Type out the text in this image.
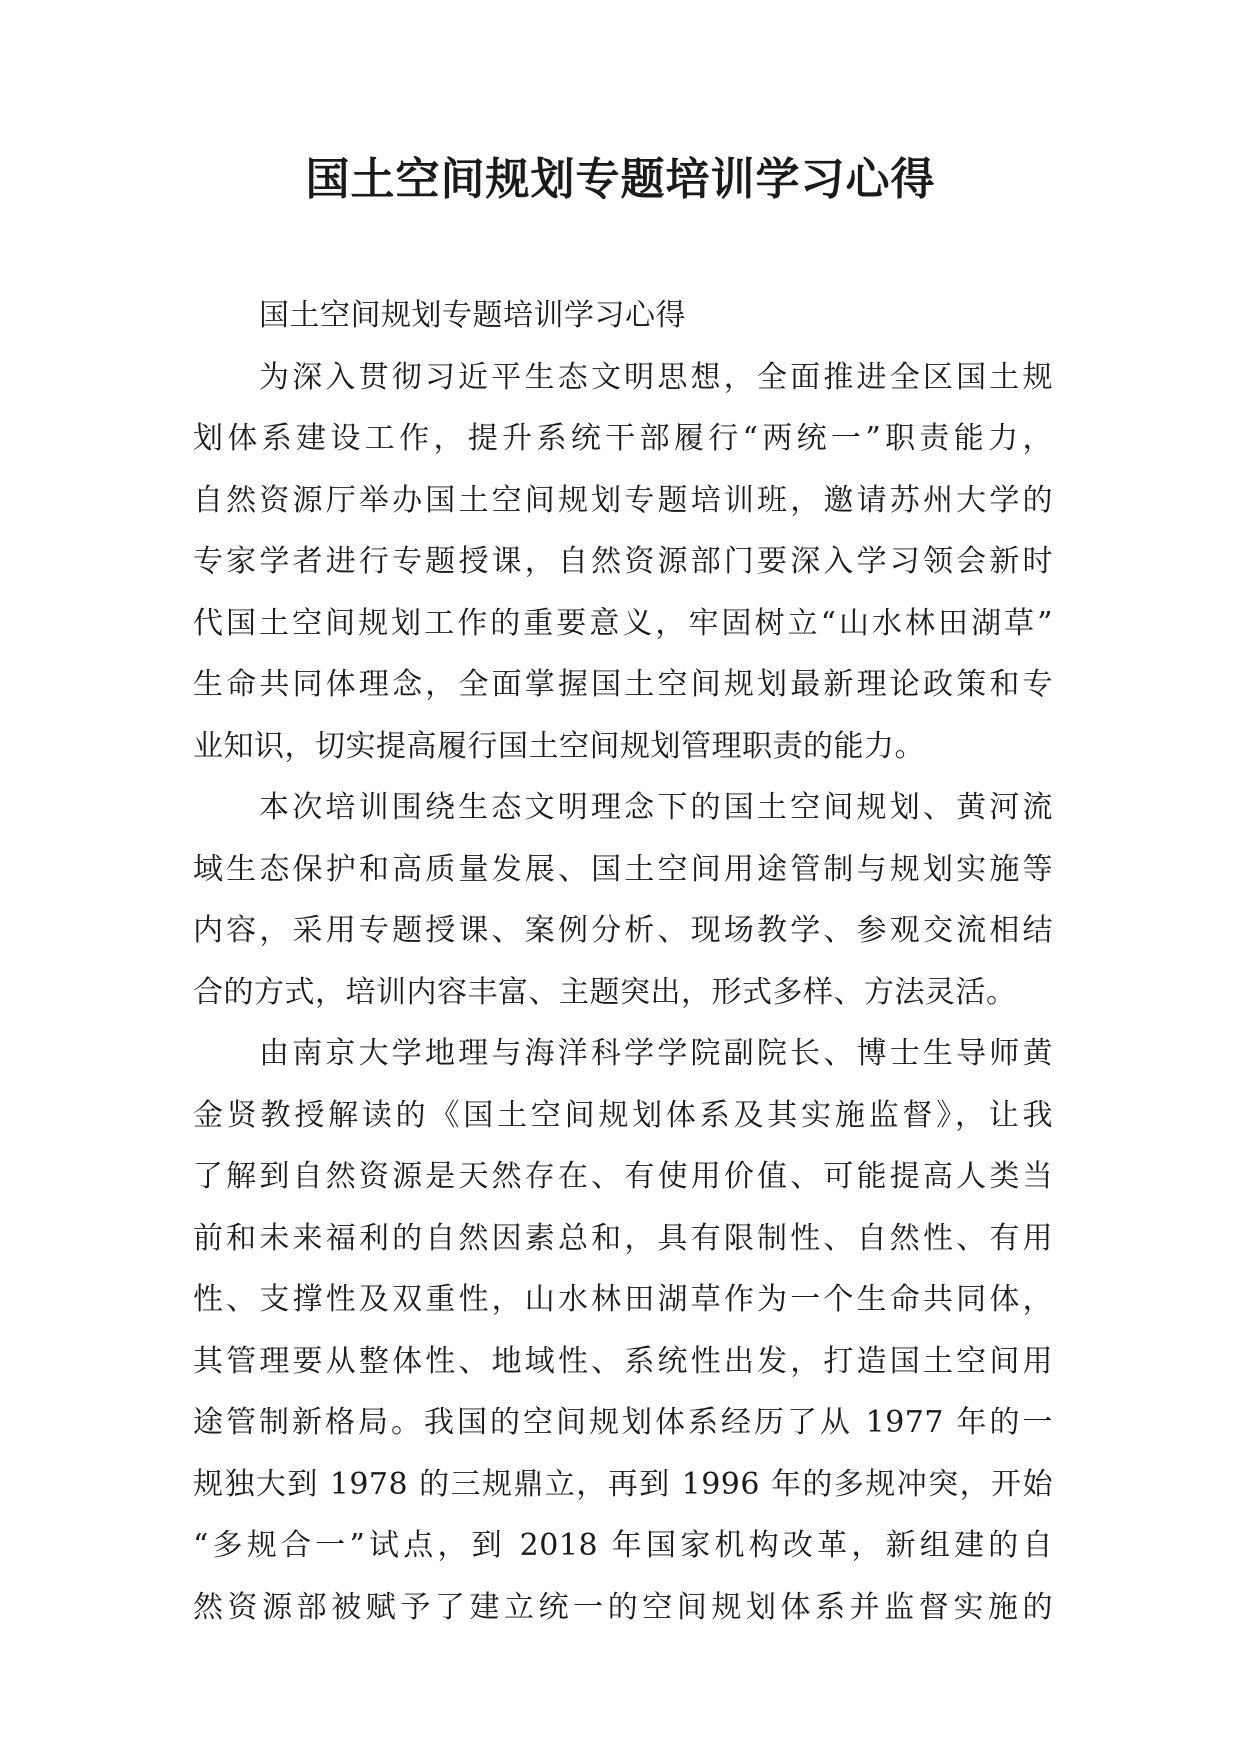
国土空间规划专题培训学习心得
国土空间规划专题培训学习心得
为深入贯彻习近平生态文明思想，全面推进全区国土规
划体系建设工作，提升系统干部履行“两统一”职责能力，
自然资源厅举办国土空间规划专题培训班，邀请苏州大学的
专家学者进行专题授课，自然资源部门要深入学习领会新时
代国土空间规划工作的重要意义，牢固树立“山水林田湖草”
生命共同体理念，全面掌握国土空间规划最新理论政策和专
业知识，切实提高履行国土空间规划管理职责的能力。
本次培训围绕生态文明理念下的国土空间规划、黄河流
域生态保护和高质量发展、国土空间用途管制与规划实施等
内容，采用专题授课、案例分析、现场教学、参观交流相结
合的方式，培训内容丰富、主题突出，形式多样、方法灵活。
由南京大学地理与海洋科学学院副院长、博士生导师黄
金贤教授解读的《国土空间规划体系及其实施监督》，让我
了解到自然资源是天然存在、有使用价值、可能提高人类当
前和未来福利的自然因素总和，具有限制性、自然性、有用
性、支撑性及双重性，山水林田湖草作为一个生命共同体，
其管理要从整体性、地域性、系统性出发，打造国土空间用
途管制新格局。我国的空间规划体系经历了从 1977 年的一
规独大到 1978 的三规鼎立，再到 1996 年的多规冲突，开始
“多规合一”试点，到 2018 年国家机构改革，新组建的自
然资源部被赋予了建立统一的空间规划体系并监督实施的
